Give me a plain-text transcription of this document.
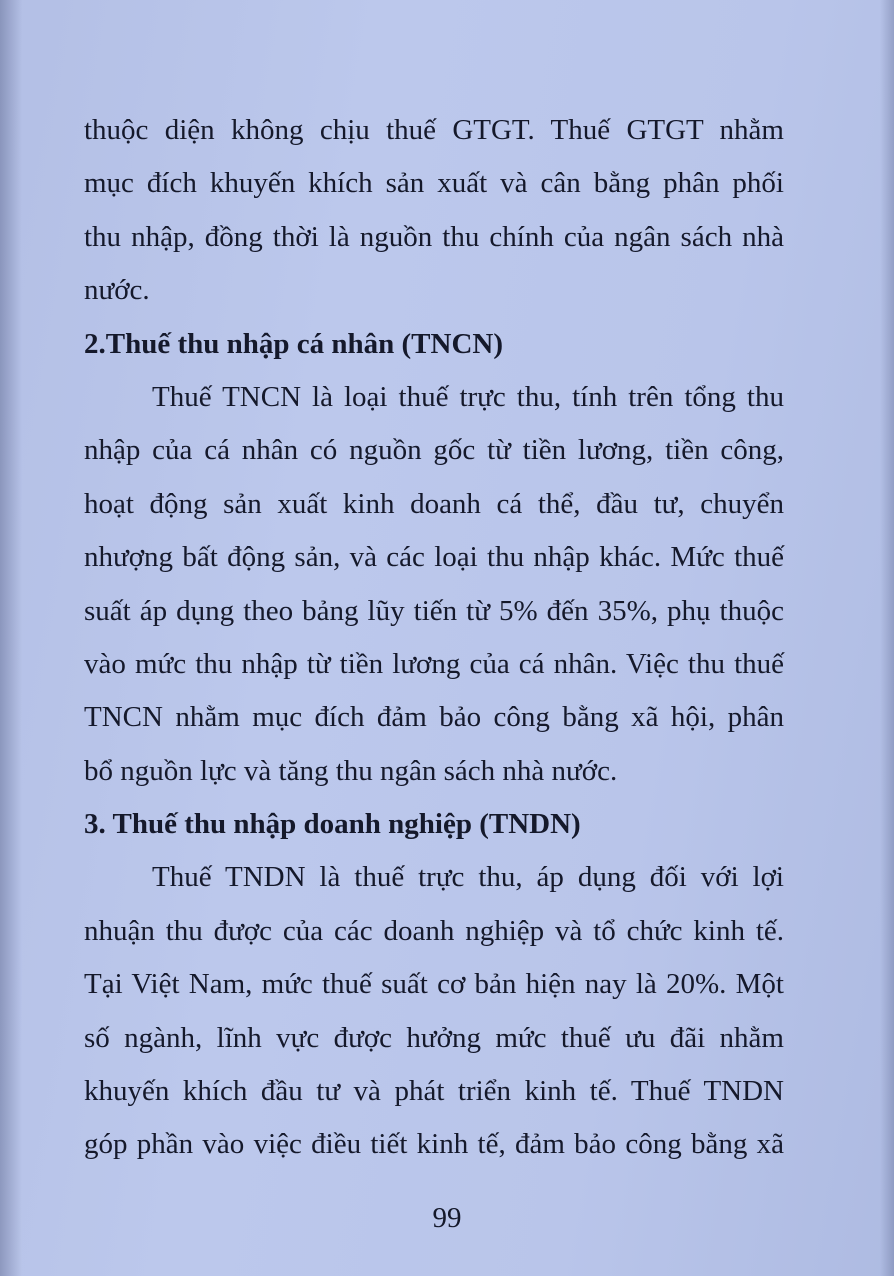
thuộc diện không chịu thuế GTGT. Thuế GTGT nhằm
mục đích khuyến khích sản xuất và cân bằng phân phối
thu nhập, đồng thời là nguồn thu chính của ngân sách nhà
nước.
2.Thuế thu nhập cá nhân (TNCN)
Thuế TNCN là loại thuế trực thu, tính trên tổng thu
nhập của cá nhân có nguồn gốc từ tiền lương, tiền công,
hoạt động sản xuất kinh doanh cá thể, đầu tư, chuyển
nhượng bất động sản, và các loại thu nhập khác. Mức thuế
suất áp dụng theo bảng lũy tiến từ 5% đến 35%, phụ thuộc
vào mức thu nhập từ tiền lương của cá nhân. Việc thu thuế
TNCN nhằm mục đích đảm bảo công bằng xã hội, phân
bổ nguồn lực và tăng thu ngân sách nhà nước.
3. Thuế thu nhập doanh nghiệp (TNDN)
Thuế TNDN là thuế trực thu, áp dụng đối với lợi
nhuận thu được của các doanh nghiệp và tổ chức kinh tế.
Tại Việt Nam, mức thuế suất cơ bản hiện nay là 20%. Một
số ngành, lĩnh vực được hưởng mức thuế ưu đãi nhằm
khuyến khích đầu tư và phát triển kinh tế. Thuế TNDN
góp phần vào việc điều tiết kinh tế, đảm bảo công bằng xã
99
